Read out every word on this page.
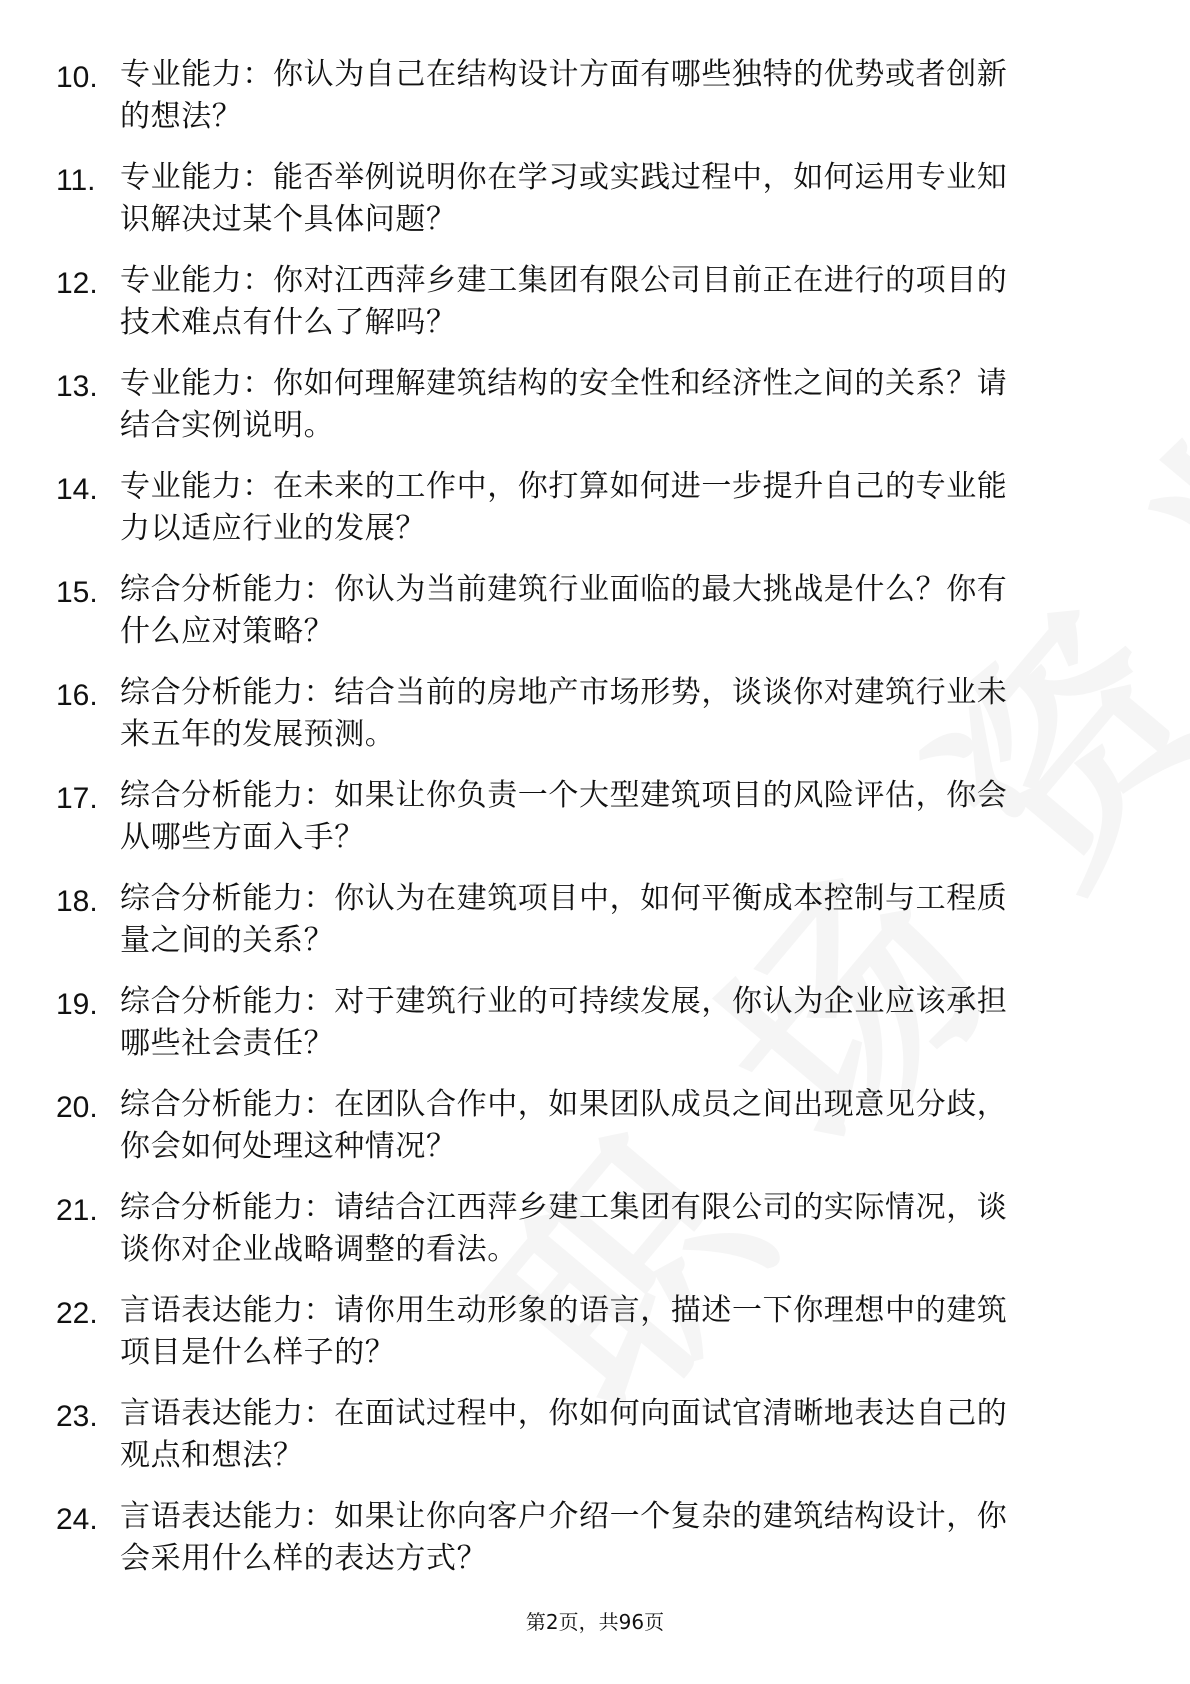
10. 专业能力：你认为自己在结构设计方面有哪些独特的优势或者创新的想法？
11. 专业能力：能否举例说明你在学习或实践过程中，如何运用专业知识解决过某个具体问题？
12. 专业能力：你对江西萍乡建工集团有限公司目前正在进行的项目的技术难点有什么了解吗？
13. 专业能力：你如何理解建筑结构的安全性和经济性之间的关系？请结合实例说明。
14. 专业能力：在未来的工作中，你打算如何进一步提升自己的专业能力以适应行业的发展？
15. 综合分析能力：你认为当前建筑行业面临的最大挑战是什么？你有什么应对策略？
16. 综合分析能力：结合当前的房地产市场形势，谈谈你对建筑行业未来五年的发展预测。
17. 综合分析能力：如果让你负责一个大型建筑项目的风险评估，你会从哪些方面入手？
18. 综合分析能力：你认为在建筑项目中，如何平衡成本控制与工程质量之间的关系？
19. 综合分析能力：对于建筑行业的可持续发展，你认为企业应该承担哪些社会责任？
20. 综合分析能力：在团队合作中，如果团队成员之间出现意见分歧，你会如何处理这种情况？
21. 综合分析能力：请结合江西萍乡建工集团有限公司的实际情况，谈谈你对企业战略调整的看法。
22. 言语表达能力：请你用生动形象的语言，描述一下你理想中的建筑项目是什么样子的？
23. 言语表达能力：在面试过程中，你如何向面试官清晰地表达自己的观点和想法？
24. 言语表达能力：如果让你向客户介绍一个复杂的建筑结构设计，你会采用什么样的表达方式？
第2页，共96页
